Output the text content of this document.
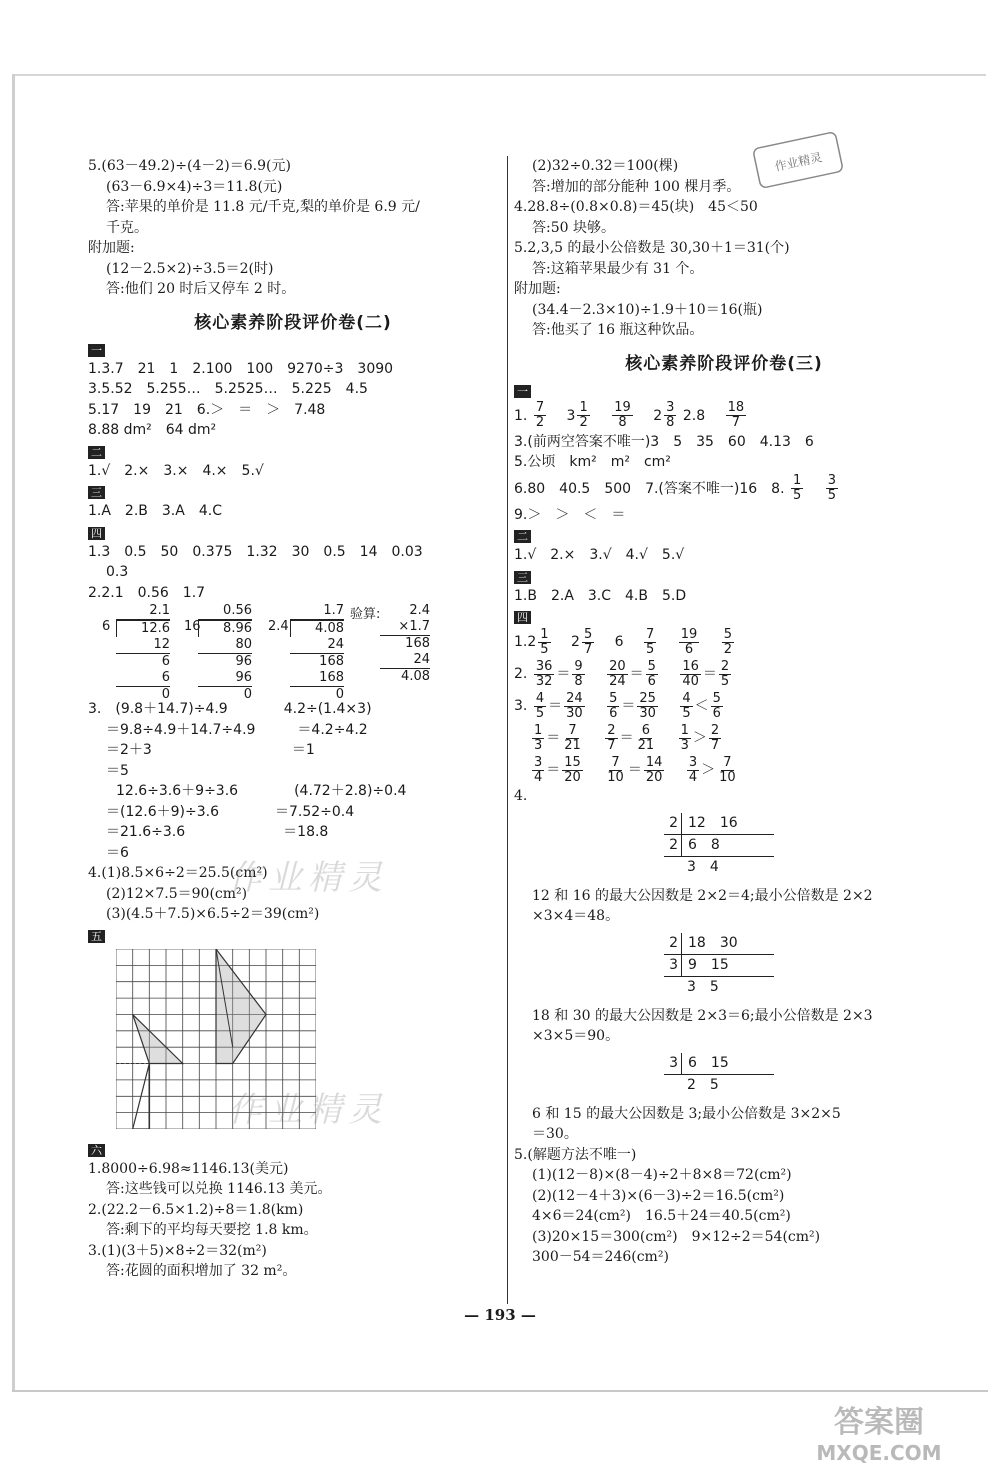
5.(63－49.2)÷(4－2)＝6.9(元)
(63－6.9×4)÷3＝11.8(元)
答:苹果的单价是 11.8 元/千克,梨的单价是 6.9 元/
千克。
附加题:
(12－2.5×2)÷3.5＝2(时)
答:他们 20 时后又停车 2 时。
核心素养阶段评价卷(二)
一
1.3.7　21　1　2.100　100　9270÷3　3090
3.5.52　5.255…　5.2525…　5.225　4.5
5.17　19　21　6.＞　＝　＞　7.48
8.88 dm²　64 dm²
二
1.√　2.×　3.×　4.×　5.√
三
1.A　2.B　3.A　4.C
四
1.3　0.5　50　0.375　1.32　30　0.5　14　0.03
0.3
2.2.1　0.56　1.7
6
2.1
12.6
12
6
6
0
16
0.56
8.96
80
96
96
0
2.4
1.7
4.08
24
168
168
0
验算:	2.4
×1.7
168
24
4.08
3.　(9.8＋14.7)÷4.9　　　　4.2÷(1.4×3)
＝9.8÷4.9＋14.7÷4.9　　　＝4.2÷4.2
＝2＋3　　　　　　　　　　＝1
＝5
12.6÷3.6＋9÷3.6　　　　(4.72＋2.8)÷0.4
＝(12.6＋9)÷3.6　　　　＝7.52÷0.4
＝21.6÷3.6　　　　　　　＝18.8
＝6
4.(1)8.5×6÷2＝25.5(cm²)
(2)12×7.5＝90(cm²)
(3)(4.5＋7.5)×6.5÷2＝39(cm²)
五
六
1.8000÷6.98≈1146.13(美元)
答:这些钱可以兑换 1146.13 美元。
2.(22.2－6.5×1.2)÷8＝1.8(km)
答:剩下的平均每天要挖 1.8 km。
3.(1)(3＋5)×8÷2＝32(m²)
答:花圆的面积增加了 32 m²。
(2)32÷0.32＝100(棵)
答:增加的部分能种 100 棵月季。
4.28.8÷(0.8×0.8)＝45(块)　45＜50
答:50 块够。
5.2,3,5 的最小公倍数是 30,30＋1＝31(个)
答:这箱苹果最少有 31 个。
附加题:
(34.4－2.3×10)÷1.9＋10＝16(瓶)
答:他买了 16 瓶这种饮品。
核心素养阶段评价卷(三)
一
1. $\frac{7}{2}$
　 $3 \frac{1}{2}$
　 $\frac{19}{8}$
　 $2 \frac{3}{8} 2.8$　 $\frac{18}{7}$
3.(前两空答案不唯一)3　5　35　60　4.13　6
5.公顷　km²　m²　cm²
6.80　40.5　500　7.(答案不唯一)16　8. $\frac{1}{5}$
　 $\frac{3}{5}$
9.＞　＞　＜　＝
二
1.√　2.×　3.√　4.√　5.√
三
1.B　2.A　3.C　4.B　5.D
四
$1.2 \frac{1}{5}$
　 $2 \frac{5}{7}$
　 6　 $\frac{7}{5}$
　 $\frac{19}{6}$
　 $\frac{5}{2}$
2. $\frac{36}{32} = \frac{9}{8}$
　 $\frac{20}{24} = \frac{5}{6}$
　 $\frac{16}{40} = \frac{2}{5}$
3. $\frac{4}{5} = \frac{24}{30}$
　 $\frac{5}{6} = \frac{25}{30}$
　 $\frac{4}{5} < \frac{5}{6}$
$\frac{1}{3} = \frac{7}{21}$
　 $\frac{2}{7} = \frac{6}{21}$
　 $\frac{1}{3} > \frac{2}{7}$
$\frac{3}{4} = \frac{15}{20}$
　 $\frac{7}{10} = \frac{14}{20}$
　 $\frac{3}{4} > \frac{7}{10}$
4.
2 12　16
2 6　8
3　4
12 和 16 的最大公因数是 2×2＝4;最小公倍数是 2×2
×3×4＝48。
2 18　30
3 9　15
3　5
18 和 30 的最大公因数是 2×3＝6;最小公倍数是 2×3
×3×5＝90。
3 6　15
2　5
6 和 15 的最大公因数是 3;最小公倍数是 3×2×5
＝30。
5.(解题方法不唯一)
(1)(12－8)×(8－4)÷2＋8×8＝72(cm²)
(2)(12－4＋3)×(6－3)÷2＝16.5(cm²)
4×6＝24(cm²)　16.5＋24＝40.5(cm²)
(3)20×15＝300(cm²)　9×12÷2＝54(cm²)
300－54＝246(cm²)
作业精灵
作业精灵
作业精灵
— 193 —
答案圈
MXQE.COM
